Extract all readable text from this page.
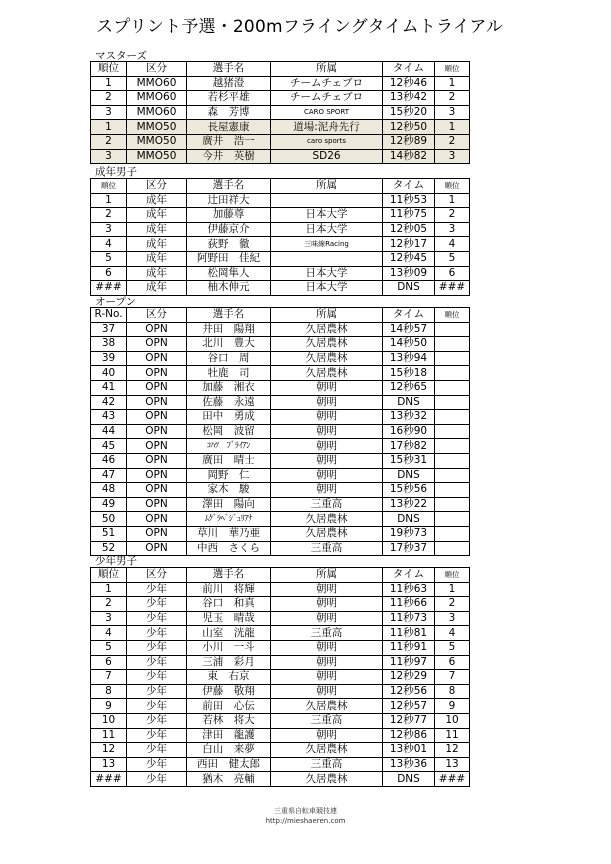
スプリント予選・200mフライングタイムトライアル
マスターズ
順位	区分	選手名	所属	タイム	順位
1	MMO60	越猪澄	チームチェブロ	12秒46	1
2	MMO60	若杉平雄	チームチェブロ	13秒42	2
3	MMO60	森　芳博	CARO SPORT	15秒20	3
1	MMO50	長屋憲康	道場:泥舟先行	12秒50	1
2	MMO50	廣井　浩一	caro sports	12秒89	2
3	MMO50	今井　英樹	SD26	14秒82	3
成年男子
順位	区分	選手名	所属	タイム	順位
1	成年	辻田祥大		11秒53	1
2	成年	加藤尊	日本大学	11秒75	2
3	成年	伊藤京介	日本大学	12秒05	3
4	成年	荻野　徹	三味線Racing	12秒17	4
5	成年	阿野田　佳紀		12秒45	5
6	成年	松岡隼人	日本大学	13秒09	6
###	成年	柚木伸元	日本大学	DNS	###
オープン
R-No.	区分	選手名	所属	タイム	順位
37	OPN	井田　陽翔	久居農林	14秒57	
38	OPN	北川　豊大	久居農林	14秒50	
39	OPN	谷口　周	久居農林	13秒94	
40	OPN	牡鹿　司	久居農林	15秒18	
41	OPN	加藤　湘衣	朝明	12秒65	
42	OPN	佐藤　永遠	朝明	DNS	
43	OPN	田中　勇成	朝明	13秒32	
44	OPN	松岡　波留	朝明	16秒90	
45	OPN	ｺﾊﾂ　ﾌﾞﾗｲｱﾝ	朝明	17秒82	
46	OPN	廣田　晴士	朝明	15秒31	
47	OPN	岡野　仁	朝明	DNS	
48	OPN	家木　駿	朝明	15秒56	
49	OPN	澤田　陽向	三重高	13秒22	
50	OPN	ﾑｸﾞﾗﾍﾞｼﾞｭﾘｱﾅ	久居農林	DNS	
51	OPN	草川　華乃亜	久居農林	19秒73	
52	OPN	中西　さくら	三重高	17秒37	
少年男子
順位	区分	選手名	所属	タイム	順位
1	少年	前川　将輝	朝明	11秒63	1
2	少年	谷口　和真	朝明	11秒66	2
3	少年	児玉　晴哉	朝明	11秒73	3
4	少年	山室　洸龍	三重高	11秒81	4
5	少年	小川　一斗	朝明	11秒91	5
6	少年	三浦　彩月	朝明	11秒97	6
7	少年	東　右京	朝明	12秒29	7
8	少年	伊藤　敬翔	朝明	12秒56	8
9	少年	前田　心伝	久居農林	12秒57	9
10	少年	若林　将大	三重高	12秒77	10
11	少年	津田　龍護	朝明	12秒86	11
12	少年	白山　来夢	久居農林	13秒01	12
13	少年	西田　健太郎	三重高	13秒36	13
###	少年	猶木　亮輔	久居農林	DNS	###
三重県自転車競技連
http://mieshaeren.com
